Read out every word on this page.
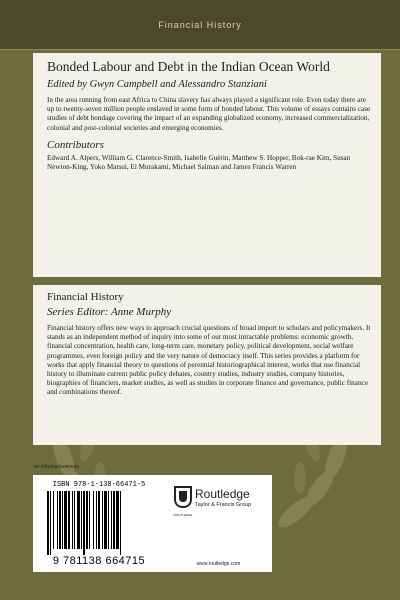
Financial History
Bonded Labour and Debt in the Indian Ocean World
Edited by Gwyn Campbell and Alessandro Stanziani

In the area running from east Africa to China slavery has always played a significant role. Even today there are up to twenty-seven million people enslaved in some form of bonded labour. This volume of essays contains case studies of debt bondage covering the impact of an expanding globalized economy, increased commercialization, colonial and post-colonial societies and emerging economies.

Contributors

Edward A. Alpers, William G. Clarence-Smith, Isabelle Guérin, Matthew S. Hopper, Bok-rae Kim, Susan Newton-King, Yoko Matsui, Ei Murakami, Michael Salman and James Francis Warren

Financial History
Series Editor: Anne Murphy

Financial history offers new ways to approach crucial questions of broad import to scholars and policymakers. It stands as an independent method of inquiry into some of our most intractable problems: economic growth, financial concentration, health care, long-term care, monetary policy, political development, social welfare programmes, even foreign policy and the very nature of democracy itself. This series provides a platform for works that apply financial theory to questions of perennial historiographical interest, works that use financial history to illuminate current public policy debates, country studies, industry studies, company histories, biographies of financiers, market studies, as well as studies in corporate finance and governance, public finance and combinations thereof.

an informa business
ISBN 978-1-138-66471-5
9 781138 664715
ROUTLEDGE
Routledge
Taylor & Francis Group
www.routledge.com
